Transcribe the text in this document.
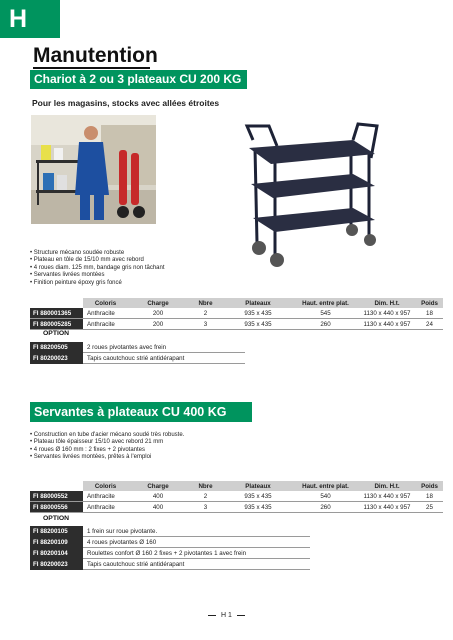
H
Manutention
Chariot à 2 ou 3 plateaux CU 200 KG
Pour les magasins, stocks avec allées étroites
• Structure mécano soudée robuste
• Plateau en tôle de 15/10 mm avec rebord
• 4 roues diam. 125 mm, bandage gris non tâchant
• Servantes livrées montées
• Finition peinture époxy gris foncé
	Coloris	Charge	Nbre	Plateaux	Haut. entre plat.	Dim. H.t.	Poids
FI 880001365	Anthracite	200	2	935 x 435	545	1130 x 440 x 957	18
FI 880005285	Anthracite	200	3	935 x 435	260	1130 x 440 x 957	24
OPTION
FI 88200505	2 roues pivotantes avec frein
FI 80200023	Tapis caoutchouc strié antidérapant
Servantes à plateaux CU 400 KG
• Construction en tube d'acier mécano soudé très robuste.
• Plateau tôle épaisseur 15/10 avec rebord 21 mm
• 4 roues Ø 160 mm : 2 fixes + 2 pivotantes
• Servantes livrées montées, prêtes à l'emploi
	Coloris	Charge	Nbre	Plateaux	Haut. entre plat.	Dim. H.t.	Poids
FI 88000552	Anthracite	400	2	935 x 435	540	1130 x 440 x 957	18
FI 88000556	Anthracite	400	3	935 x 435	260	1130 x 440 x 957	25
OPTION
FI 88200105	1 frein sur roue pivotante.
FI 88200109	4 roues pivotantes Ø 160
FI 80200104	Roulettes confort Ø 160 2 fixes + 2 pivotantes 1 avec frein
FI 80200023	Tapis caoutchouc strié antidérapant
H 1
